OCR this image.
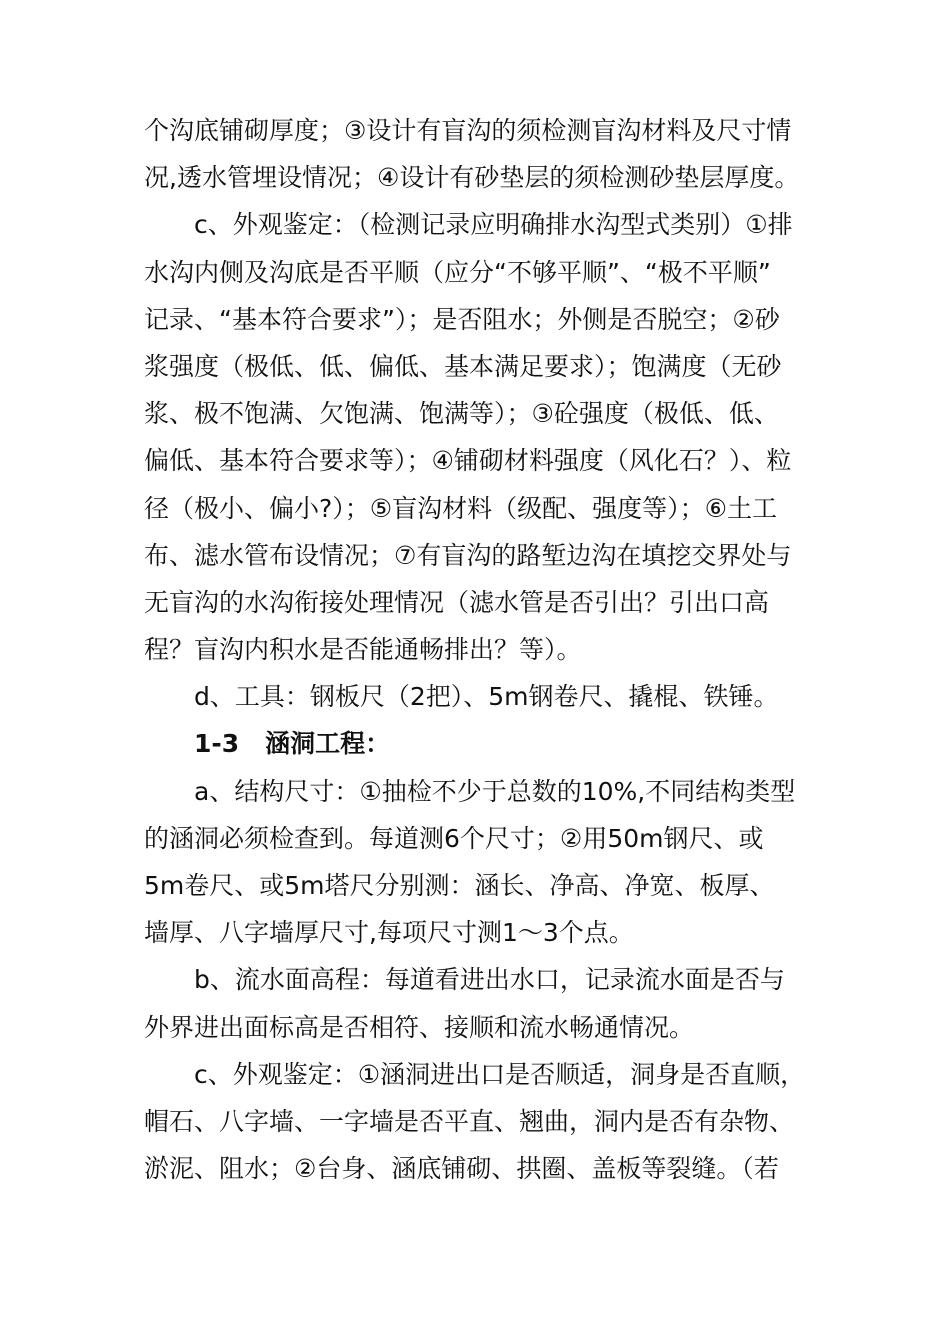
个沟底铺砌厚度；③设计有盲沟的须检测盲沟材料及尺寸情
况,透水管埋设情况；④设计有砂垫层的须检测砂垫层厚度。
c、外观鉴定：（检测记录应明确排水沟型式类别）①排
水沟内侧及沟底是否平顺（应分“不够平顺”、“极不平顺”
记录、“基本符合要求”）；是否阻水；外侧是否脱空；②砂
浆强度（极低、低、偏低、基本满足要求）；饱满度（无砂
浆、极不饱满、欠饱满、饱满等）；③砼强度（极低、低、
偏低、基本符合要求等）；④铺砌材料强度（风化石？）、粒
径（极小、偏小?）；⑤盲沟材料（级配、强度等）；⑥土工
布、滤水管布设情况；⑦有盲沟的路堑边沟在填挖交界处与
无盲沟的水沟衔接处理情况（滤水管是否引出？引出口高
程？盲沟内积水是否能通畅排出？等）。
d、工具：钢板尺（2把）、5m钢卷尺、撬棍、铁锤。
1-3 涵洞工程：
a、结构尺寸：①抽检不少于总数的10%,不同结构类型
的涵洞必须检查到。每道测6个尺寸；②用50m钢尺、或
5m卷尺、或5m塔尺分别测：涵长、净高、净宽、板厚、
墙厚、八字墙厚尺寸,每项尺寸测1～3个点。
b、流水面高程：每道看进出水口，记录流水面是否与
外界进出面标高是否相符、接顺和流水畅通情况。
c、外观鉴定：①涵洞进出口是否顺适，洞身是否直顺，
帽石、八字墙、一字墙是否平直、翘曲，洞内是否有杂物、
淤泥、阻水；②台身、涵底铺砌、拱圈、盖板等裂缝。（若
